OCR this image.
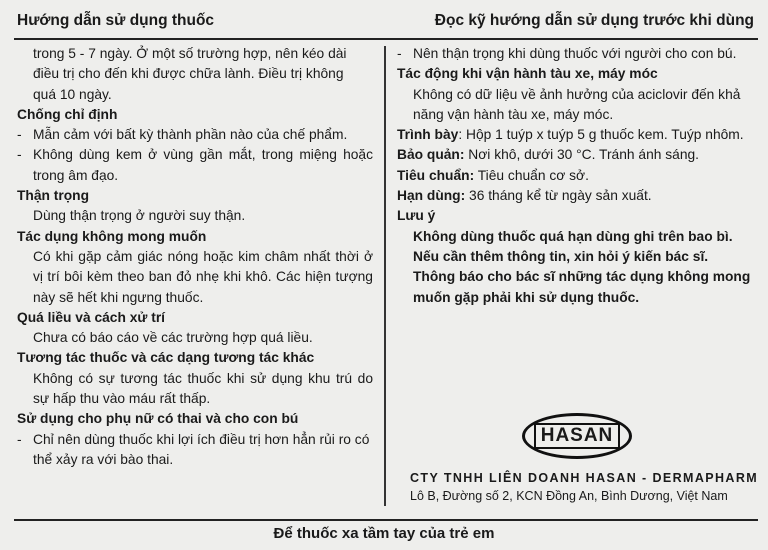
Hướng dẫn sử dụng thuốc	Đọc kỹ hướng dẫn sử dụng trước khi dùng
trong 5 - 7 ngày. Ở một số trường hợp, nên kéo dài
điều trị cho đến khi được chữa lành. Điều trị không
quá 10 ngày.
Chống chỉ định
- Mẫn cảm với bất kỳ thành phần nào của chế phẩm.
- Không dùng kem ở vùng gần mắt, trong miệng hoặc trong âm đạo.
Thận trọng
Dùng thận trọng ở người suy thận.
Tác dụng không mong muốn
Có khi gặp cảm giác nóng hoặc kim châm nhất thời ở vị trí bôi kèm theo ban đỏ nhẹ khi khô. Các hiện tượng này sẽ hết khi ngưng thuốc.
Quá liều và cách xử trí
Chưa có báo cáo về các trường hợp quá liều.
Tương tác thuốc và các dạng tương tác khác
Không có sự tương tác thuốc khi sử dụng khu trú do sự hấp thu vào máu rất thấp.
Sử dụng cho phụ nữ có thai và cho con bú
- Chỉ nên dùng thuốc khi lợi ích điều trị hơn hẳn rủi ro có thể xảy ra với bào thai.
- Nên thận trọng khi dùng thuốc với người cho con bú.
Tác động khi vận hành tàu xe, máy móc
Không có dữ liệu về ảnh hưởng của aciclovir đến khả năng vận hành tàu xe, máy móc.
Trình bày: Hộp 1 tuýp x tuýp 5 g thuốc kem. Tuýp nhôm.
Bảo quản: Nơi khô, dưới 30 °C. Tránh ánh sáng.
Tiêu chuẩn: Tiêu chuẩn cơ sở.
Hạn dùng: 36 tháng kể từ ngày sản xuất.
Lưu ý
Không dùng thuốc quá hạn dùng ghi trên bao bì.
Nếu cần thêm thông tin, xin hỏi ý kiến bác sĩ.
Thông báo cho bác sĩ những tác dụng không mong muốn gặp phải khi sử dụng thuốc.
HASAN
CTY TNHH LIÊN DOANH HASAN - DERMAPHARM
Lô B, Đường số 2, KCN Đồng An, Bình Dương, Việt Nam
Để thuốc xa tầm tay của trẻ em
